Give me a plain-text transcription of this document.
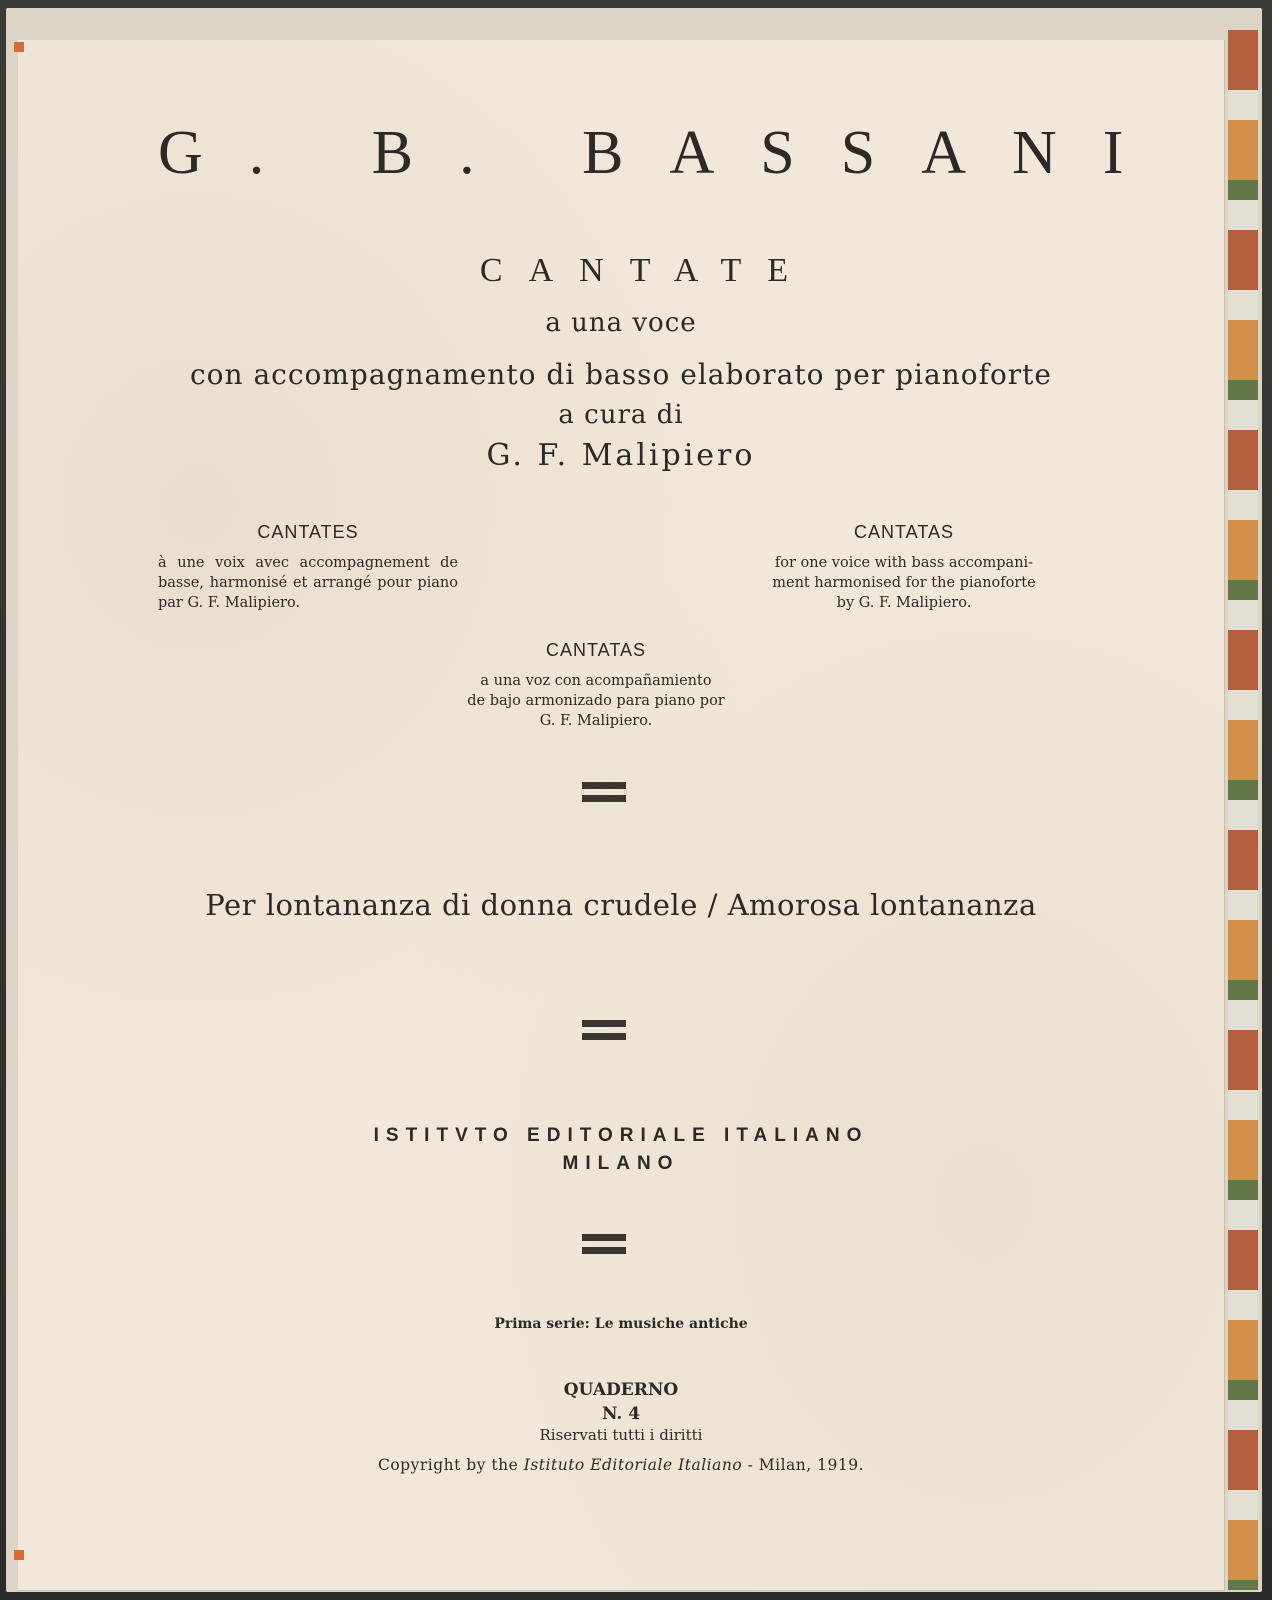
G. B. BASSANI
CANTATE
a una voce
con accompagnamento di basso elaborato per pianoforte
a cura di
G. F. Malipiero
CANTATES
à une voix avec accompagnement de basse, harmonisé et arrangé pour piano par G. F. Malipiero.
CANTATAS
for one voice with bass accompani-
ment harmonised for the pianoforte
by G. F. Malipiero.
CANTATAS
a una voz con acompañamiento
de bajo armonizado para piano por
G. F. Malipiero.
Per lontananza di donna crudele / Amorosa lontananza
ISTITVTO EDITORIALE ITALIANO
MILANO
Prima serie: Le musiche antiche
QUADERNO
N. 4
Riservati tutti i diritti
Copyright by the Istituto Editoriale Italiano - Milan, 1919.
